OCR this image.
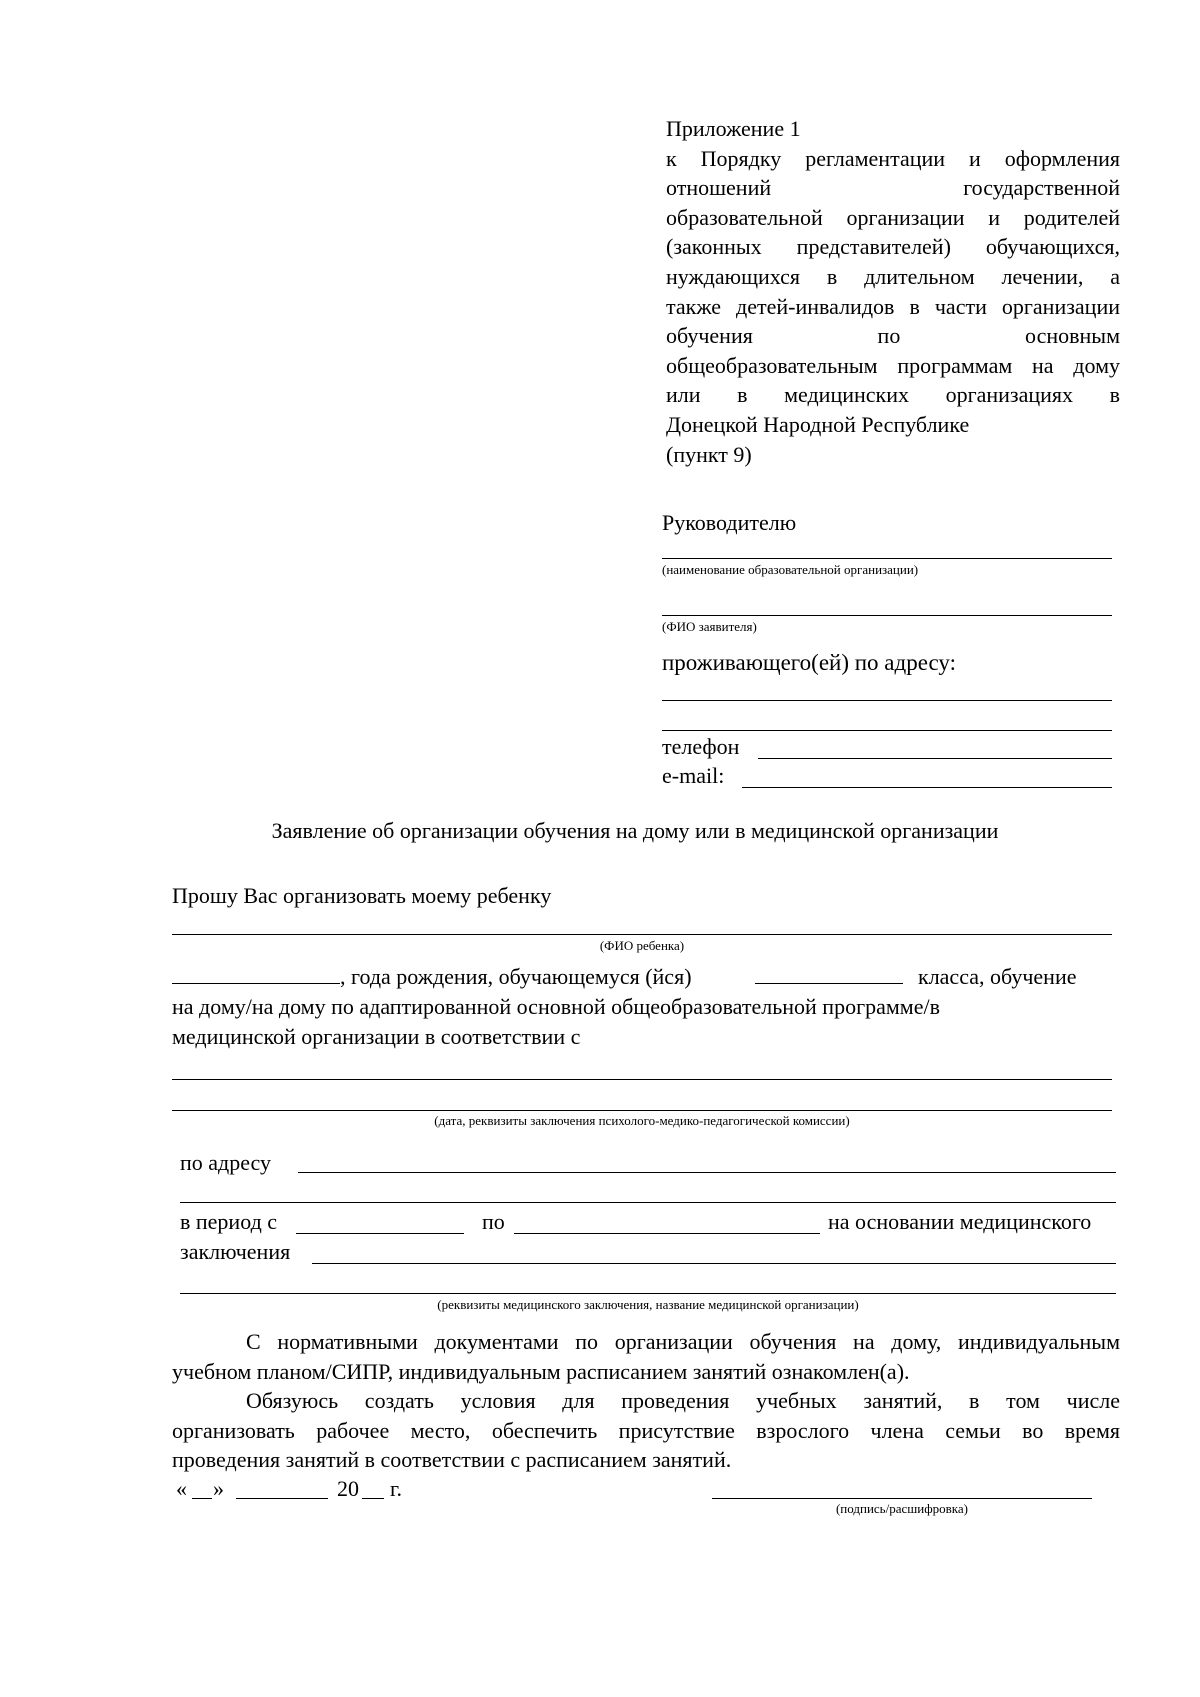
Приложение 1
к Порядку регламентации и оформления
отношений государственной
образовательной организации и родителей
(законных представителей) обучающихся,
нуждающихся в длительном лечении, а
также детей-инвалидов в части организации
обучения по основным
общеобразовательным программам на дому
или в медицинских организациях в
Донецкой Народной Республике
(пункт 9)
Руководителю
(наименование образовательной организации)
(ФИО заявителя)
проживающего(ей) по адресу:
телефон
e-mail:
Заявление об организации обучения на дому или в медицинской организации
Прошу Вас организовать моему ребенку
(ФИО ребенка)
, года рождения, обучающемуся (йся)	класса, обучение
на дому/на дому по адаптированной основной общеобразовательной программе/в
медицинской организации в соответствии с
(дата, реквизиты заключения психолого-медико-педагогической комиссии)
по адресу
в период с	по	на основании медицинского
заключения
(реквизиты медицинского заключения, название медицинской организации)
С нормативными документами по организации обучения на дому, индивидуальным
учебном планом/СИПР, индивидуальным расписанием занятий ознакомлен(а).
Обязуюсь создать условия для проведения учебных занятий, в том числе
организовать рабочее место, обеспечить присутствие взрослого члена семьи во время
проведения занятий в соответствии с расписанием занятий.
« »	20 г.
(подпись/расшифровка)
